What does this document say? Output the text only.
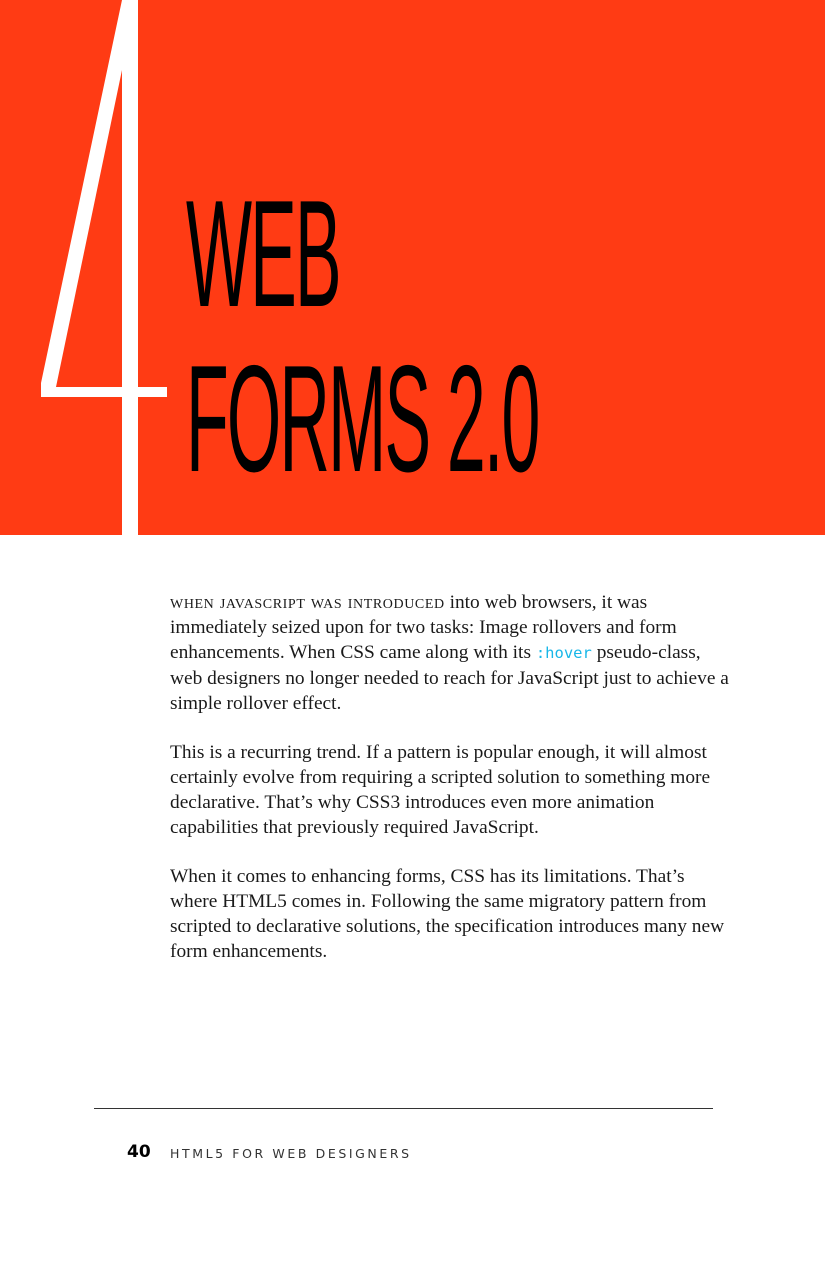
WEB
FORMS 2.0

when javascript was introduced into web browsers, it was immediately seized upon for two tasks: Image rollovers and form enhancements. When CSS came along with its :hover pseudo-class, web designers no longer needed to reach for JavaScript just to achieve a simple rollover effect.

This is a recurring trend. If a pattern is popular enough, it will almost certainly evolve from requiring a scripted solution to something more declarative. That’s why CSS3 introduces even more animation capabilities that previously required JavaScript.

When it comes to enhancing forms, CSS has its limitations. That’s where HTML5 comes in. Following the same migratory pattern from scripted to declarative solutions, the specification introduces many new form enhancements.

40 HTML5 FOR WEB DESIGNERS
